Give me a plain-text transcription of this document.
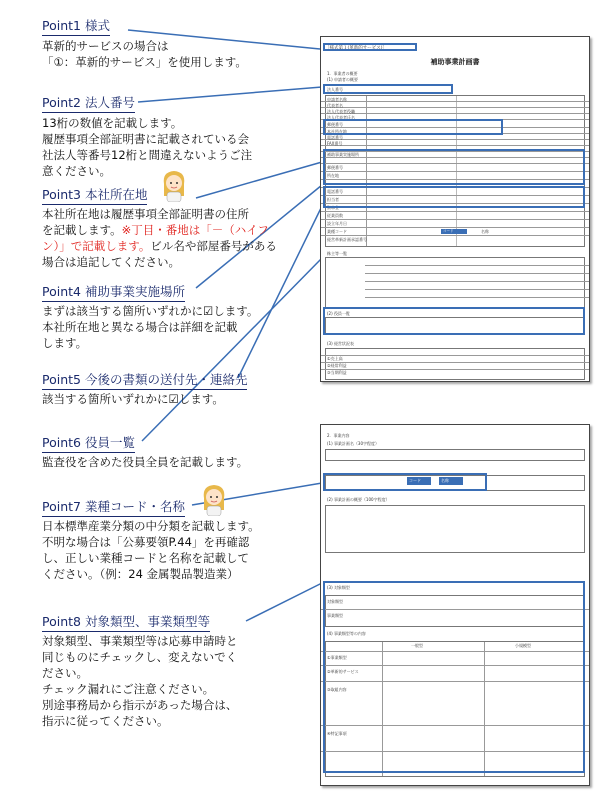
Point1 様式
革新的サービスの場合は
「①：革新的サービス」を使用します。
Point2 法人番号
13桁の数値を記載します。
履歴事項全部証明書に記載されている会
社法人等番号12桁と間違えないようご注
意ください。
Point3 本社所在地
本社所在地は履歴事項全部証明書の住所
を記載します。※丁目・番地は「－（ハイフン）」で記載します。ビル名や部屋番号がある場合は追記してください。
Point4 補助事業実施場所
まずは該当する箇所いずれかに☑します。
本社所在地と異なる場合は詳細を記載
します。
Point5 今後の書類の送付先・連絡先
該当する箇所いずれかに☑します。
Point6 役員一覧
監査役を含めた役員全員を記載します。
Point7 業種コード・名称
日本標準産業分類の中分類を記載します。
不明な場合は「公募要領P.44」を再確認
し、正しい業種コードと名称を記載して
ください。（例：24 金属製品製造業）
Point8 対象類型、事業類型等
対象類型、事業類型等は応募申請時と
同じものにチェックし、変えないでく
ださい。
チェック漏れにご注意ください。
別途事務局から指示があった場合は、
指示に従ってください。
［様式第１(革新的サービス)］
補助事業計画書
1．事業者の概要
(1) 申請者の概要
法人番号
申請者名称
代表者名
法人代表者役職
法人代表者氏名
郵便番号
本社所在地
電話番号
FAX番号
補助事業実施場所
郵便番号
所在地
電話番号
担当者
資本金
従業員数
設立年月日
業種コード
経営革新計画承認番号
コード	名称
株主等一覧
(2) 役員一覧
(3) 経営状況表
①売上高
②経常利益
③当期利益
2．事業内容
(1) 事業計画名（30字程度）
コード	名称
(2) 事業計画の概要（100字程度）
(3) 対象類型
対象類型
事業類型
(4) 事業類型等の内容
一般型	小規模型
①事業類型
②革新的サービス
③取組内容
④特記事項
